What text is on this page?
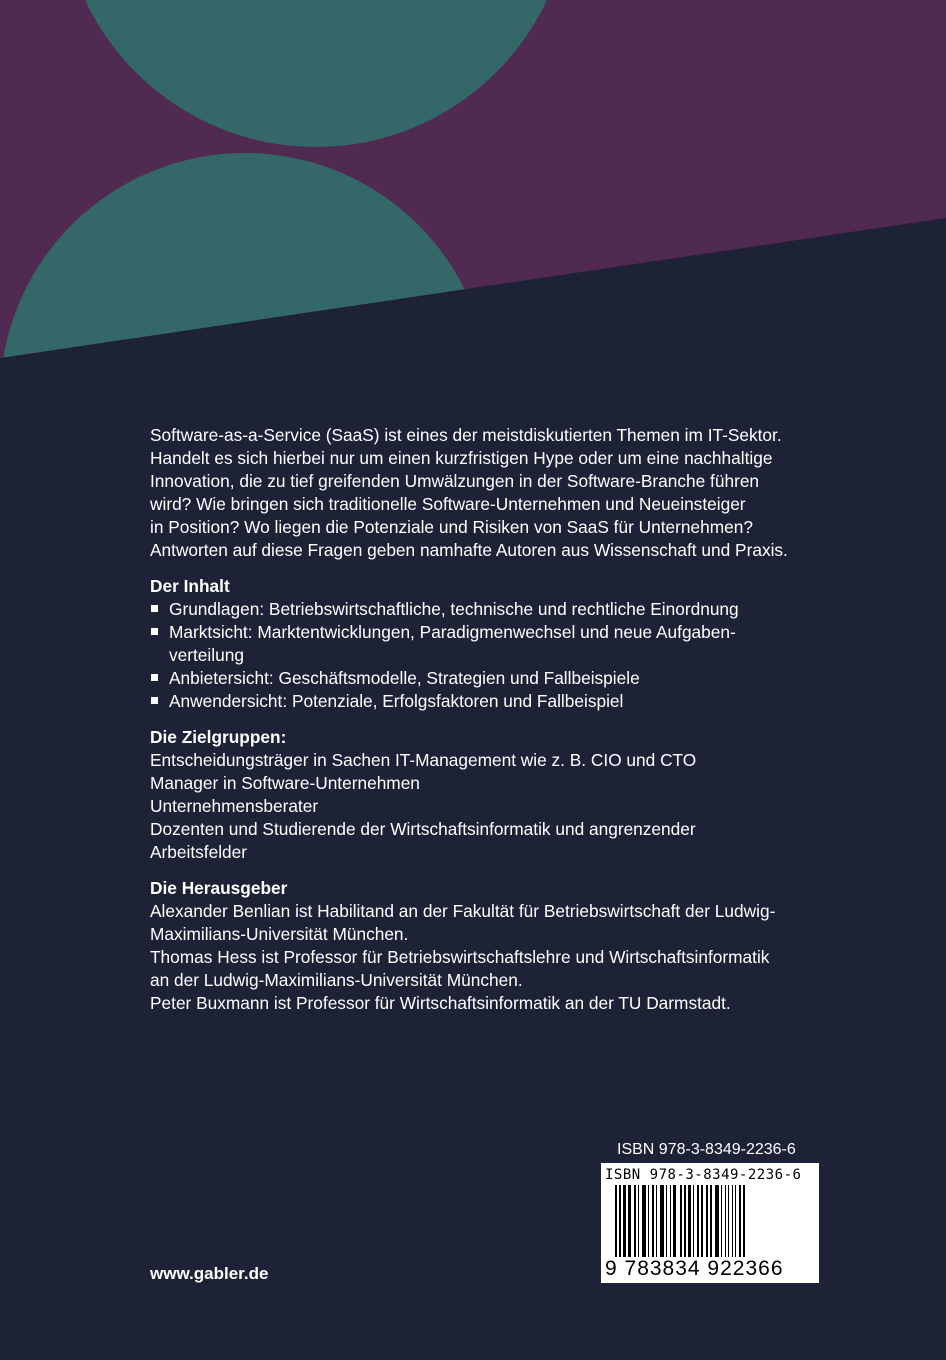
Software-as-a-Service (SaaS) ist eines der meistdiskutierten Themen im IT-Sektor.

Handelt es sich hierbei nur um einen kurzfristigen Hype oder um eine nachhaltige

Innovation, die zu tief greifenden Umwälzungen in der Software-Branche führen

wird? Wie bringen sich traditionelle Software-Unternehmen und Neueinsteiger

in Position? Wo liegen die Potenziale und Risiken von SaaS für Unternehmen?

Antworten auf diese Fragen geben namhafte Autoren aus Wissenschaft und Praxis.

Der Inhalt

Grundlagen: Betriebswirtschaftliche, technische und rechtliche Einordnung
Marktsicht: Marktentwicklungen, Paradigmenwechsel und neue Aufgaben-
verteilung
Anbietersicht: Geschäftsmodelle, Strategien und Fallbeispiele
Anwendersicht: Potenziale, Erfolgsfaktoren und Fallbeispiel

Die Zielgruppen:

Entscheidungsträger in Sachen IT-Management wie z. B. CIO und CTO

Manager in Software-Unternehmen

Unternehmensberater

Dozenten und Studierende der Wirtschaftsinformatik und angrenzender

Arbeitsfelder

Die Herausgeber

Alexander Benlian ist Habilitand an der Fakultät für Betriebswirtschaft der Ludwig-

Maximilians-Universität München.

Thomas Hess ist Professor für Betriebswirtschaftslehre und Wirtschaftsinformatik

an der Ludwig-Maximilians-Universität München.

Peter Buxmann ist Professor für Wirtschaftsinformatik an der TU Darmstadt.

ISBN 978-3-8349-2236-6
ISBN 978-3-8349-2236-6
9 783834 922366
www.gabler.de
